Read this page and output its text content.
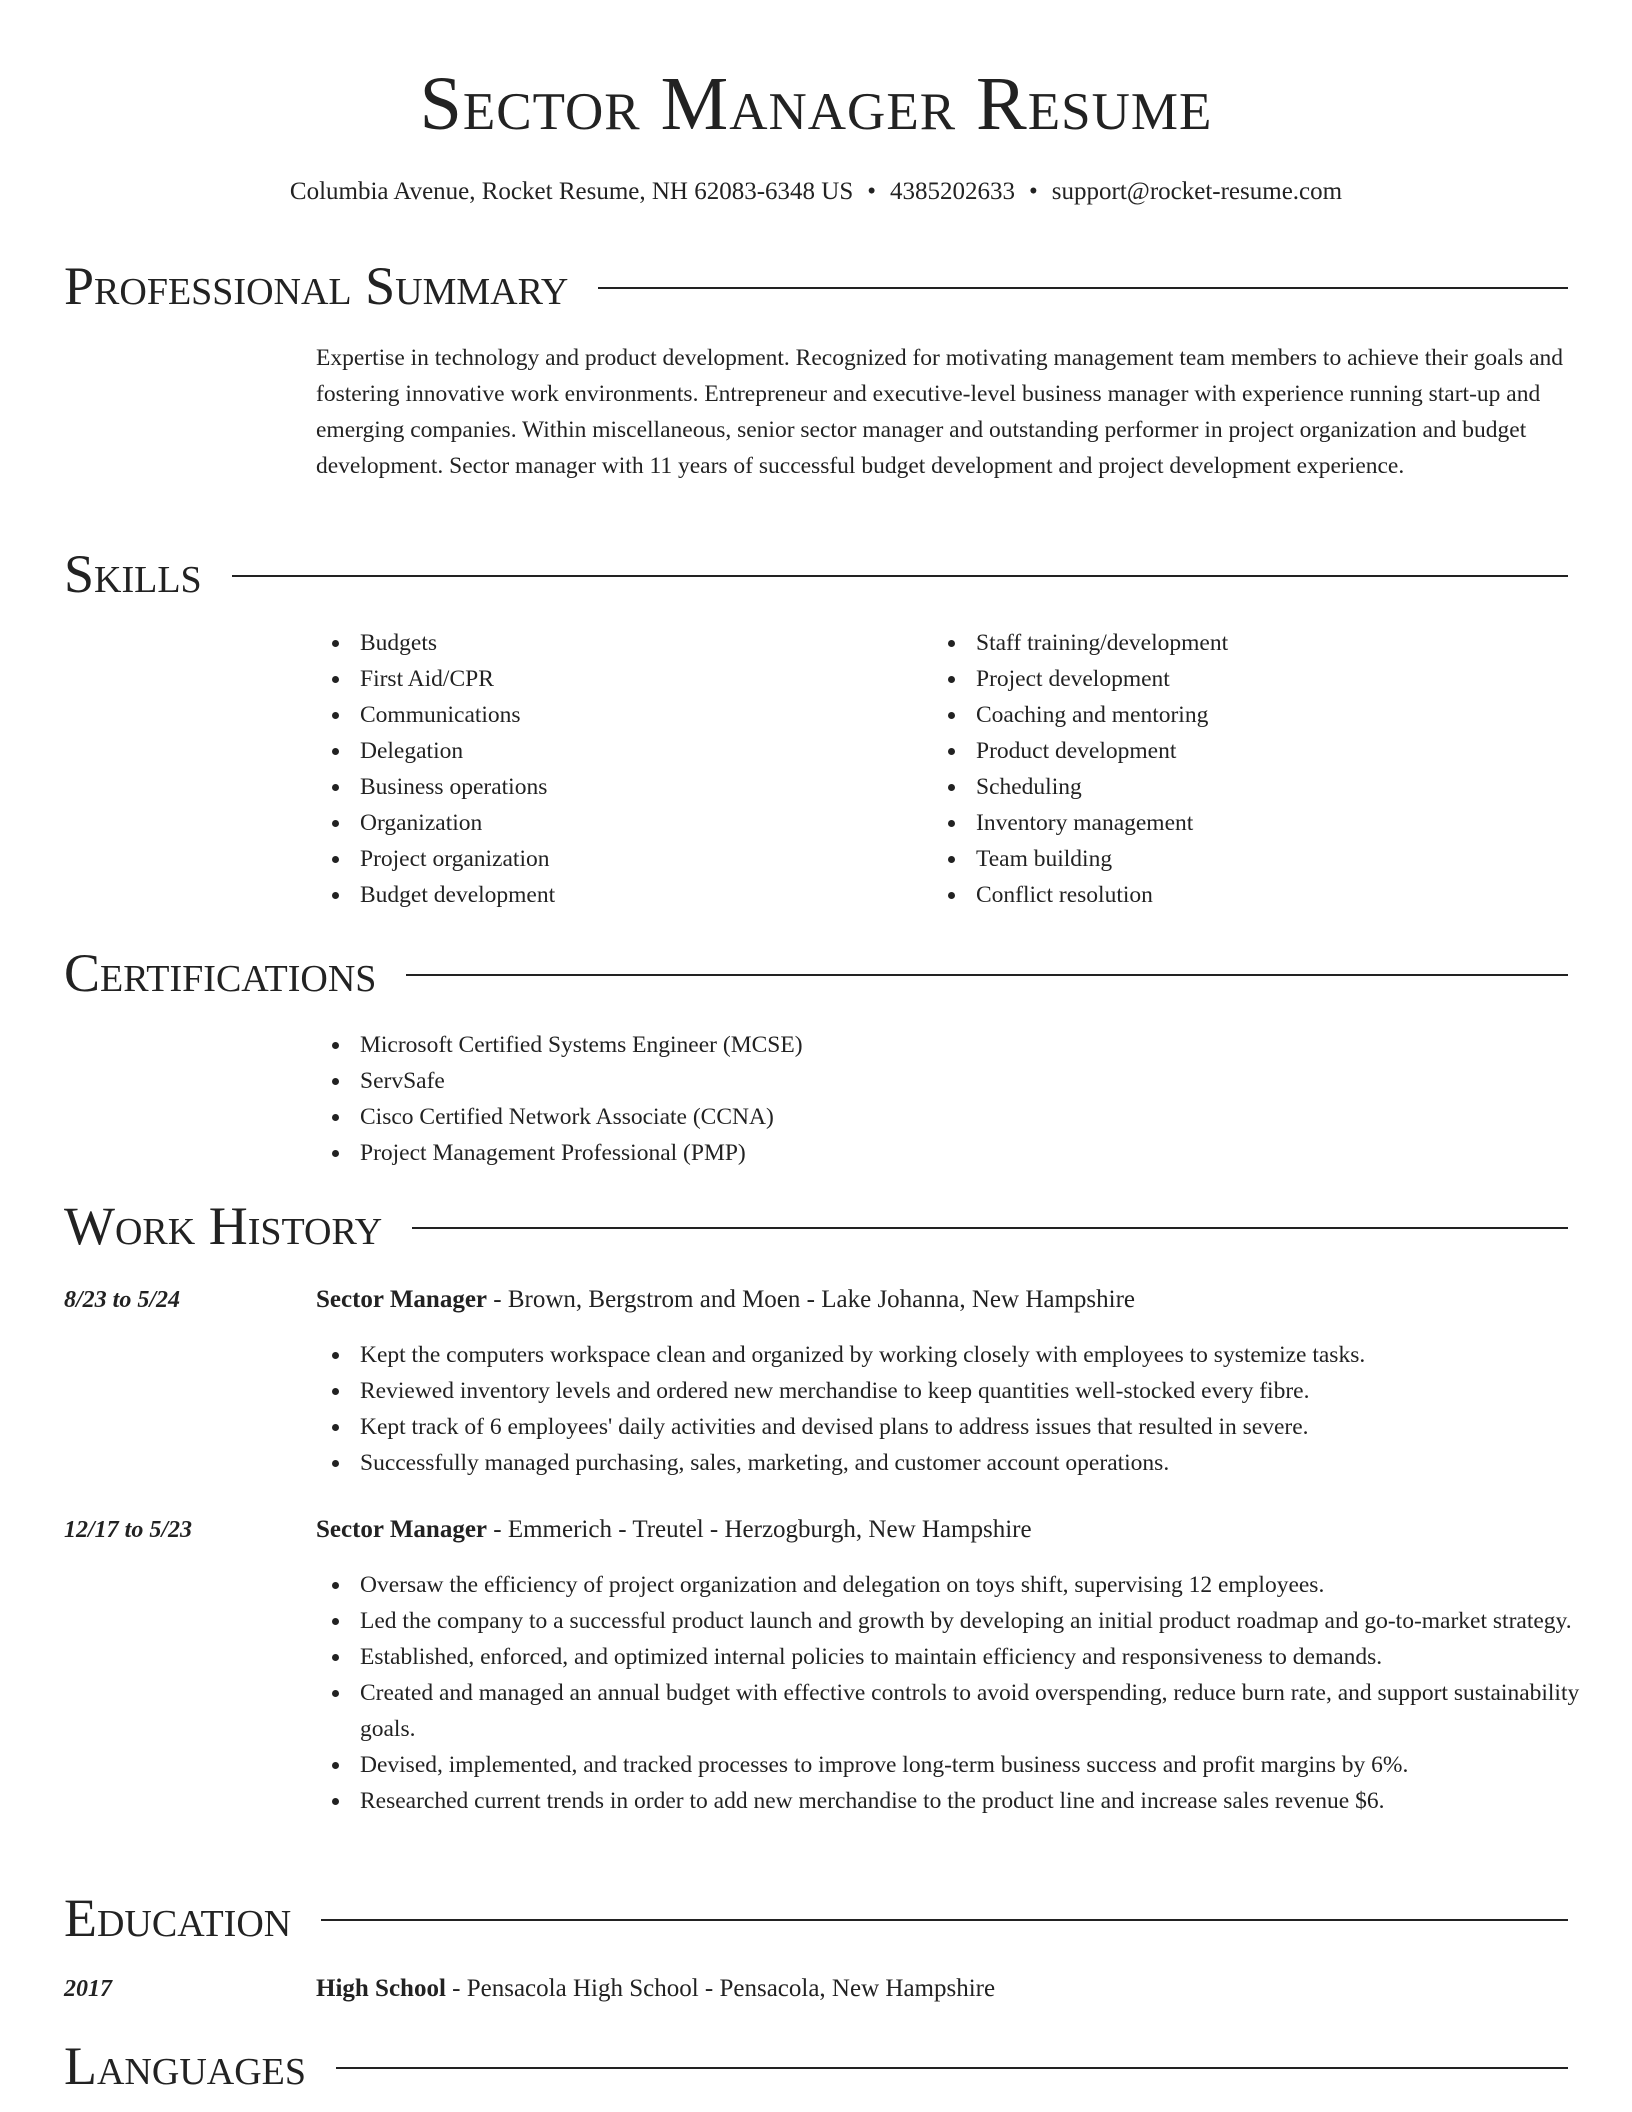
Sector Manager Resume
Columbia Avenue, Rocket Resume, NH 62083-6348 US • 4385202633 • support@rocket-resume.com
Professional Summary

Expertise in technology and product development. Recognized for motivating management team members to achieve their goals and fostering innovative work environments. Entrepreneur and executive-level business manager with experience running start-up and emerging companies. Within miscellaneous, senior sector manager and outstanding performer in project organization and budget development. Sector manager with 11 years of successful budget development and project development experience.

Skills
Budgets
First Aid/CPR
Communications
Delegation
Business operations
Organization
Project organization
Budget development
Staff training/development
Project development
Coaching and mentoring
Product development
Scheduling
Inventory management
Team building
Conflict resolution
Certifications
Microsoft Certified Systems Engineer (MCSE)
ServSafe
Cisco Certified Network Associate (CCNA)
Project Management Professional (PMP)
Work History
8/23 to 5/24	Sector Manager - Brown, Bergstrom and Moen - Lake Johanna, New Hampshire
Kept the computers workspace clean and organized by working closely with employees to systemize tasks.
Reviewed inventory levels and ordered new merchandise to keep quantities well-stocked every fibre.
Kept track of 6 employees' daily activities and devised plans to address issues that resulted in severe.
Successfully managed purchasing, sales, marketing, and customer account operations.
12/17 to 5/23	Sector Manager - Emmerich - Treutel - Herzogburgh, New Hampshire
Oversaw the efficiency of project organization and delegation on toys shift, supervising 12 employees.
Led the company to a successful product launch and growth by developing an initial product roadmap and go-to-market strategy.
Established, enforced, and optimized internal policies to maintain efficiency and responsiveness to demands.
Created and managed an annual budget with effective controls to avoid overspending, reduce burn rate, and support sustainability goals.
Devised, implemented, and tracked processes to improve long-term business success and profit margins by 6%.
Researched current trends in order to add new merchandise to the product line and increase sales revenue $6.
Education
2017	High School - Pensacola High School - Pensacola, New Hampshire
Languages
